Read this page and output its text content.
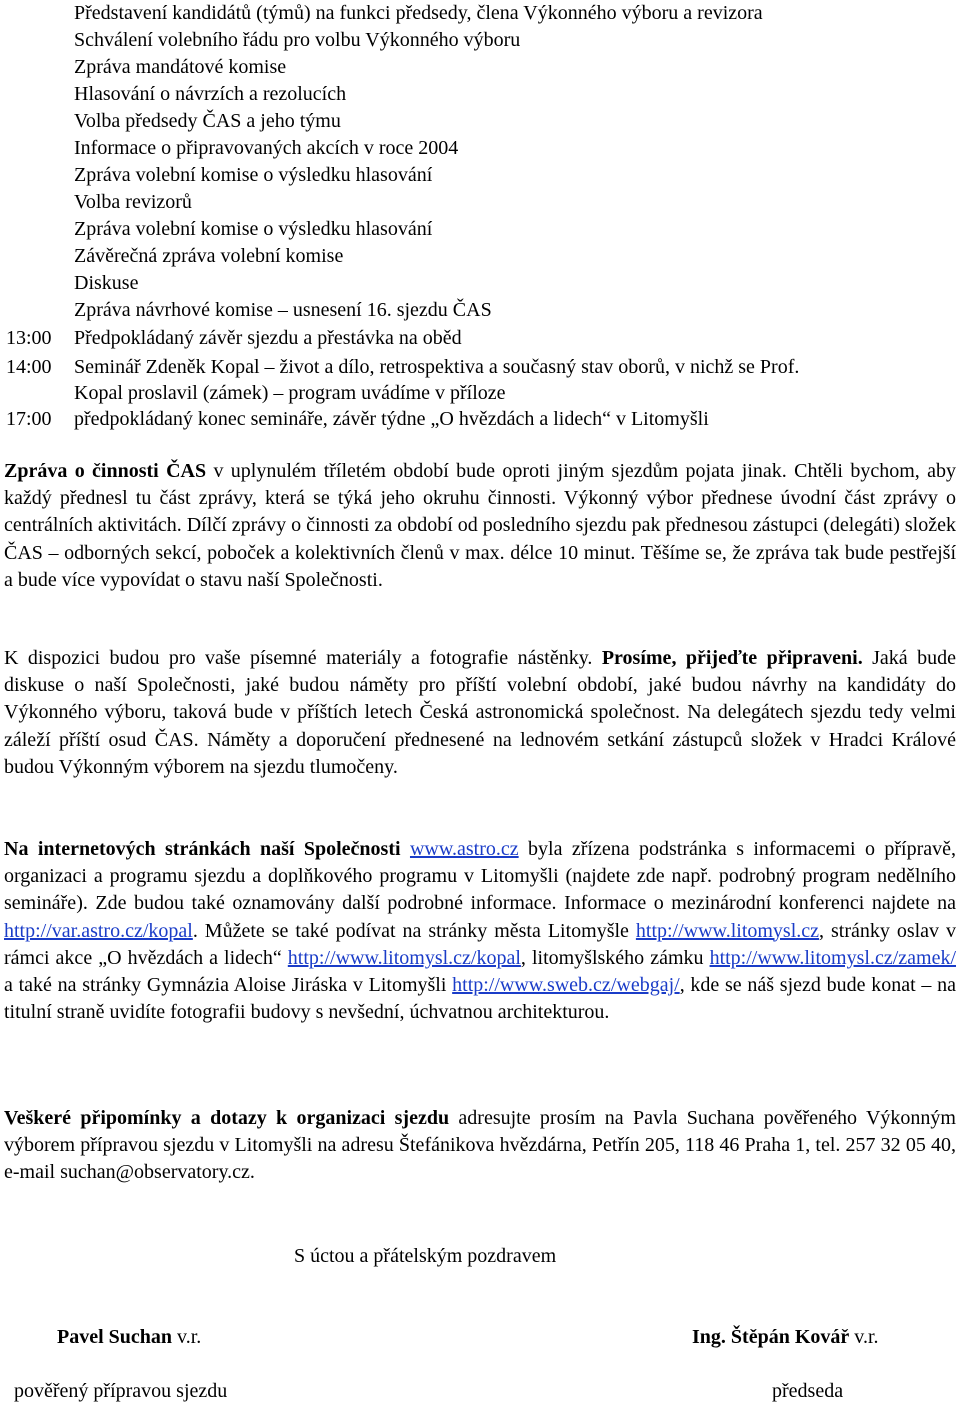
Představení kandidátů (týmů) na funkci předsedy, člena Výkonného výboru a revizora
Schválení volebního řádu pro volbu Výkonného výboru
Zpráva mandátové komise
Hlasování o návrzích a rezolucích
Volba předsedy ČAS a jeho týmu
Informace o připravovaných akcích v roce 2004
Zpráva volební komise o výsledku hlasování
Volba revizorů
Zpráva volební komise o výsledku hlasování
Závěrečná zpráva volební komise
Diskuse
Zpráva návrhové komise – usnesení 16. sjezdu ČAS
13:00 Předpokládaný závěr sjezdu a přestávka na oběd
14:00 Seminář Zdeněk Kopal – život a dílo, retrospektiva a současný stav oborů, v nichž se Prof.
Kopal proslavil (zámek) – program uvádíme v příloze
17:00 předpokládaný konec semináře, závěr týdne „O hvězdách a lidech“ v Litomyšli

Zpráva o činnosti ČAS v uplynulém tříletém období bude oproti jiným sjezdům pojata jinak. Chtěli bychom, aby každý přednesl tu část zprávy, která se týká jeho okruhu činnosti. Výkonný výbor přednese úvodní část zprávy o centrálních aktivitách. Dílčí zprávy o činnosti za období od posledního sjezdu pak přednesou zástupci (delegáti) složek ČAS – odborných sekcí, poboček a kolektivních členů v max. délce 10 minut. Těšíme se, že zpráva tak bude pestřejší a bude více vypovídat o stavu naší Společnosti.

K dispozici budou pro vaše písemné materiály a fotografie nástěnky. Prosíme, přijeďte připraveni. Jaká bude diskuse o naší Společnosti, jaké budou náměty pro příští volební období, jaké budou návrhy na kandidáty do Výkonného výboru, taková bude v příštích letech Česká astronomická společnost. Na delegátech sjezdu tedy velmi záleží příští osud ČAS. Náměty a doporučení přednesené na lednovém setkání zástupců složek v Hradci Králové budou Výkonným výborem na sjezdu tlumočeny.

Na internetových stránkách naší Společnosti www.astro.cz byla zřízena podstránka s informacemi o přípravě, organizaci a programu sjezdu a doplňkového programu v Litomyšli (najdete zde např. podrobný program nedělního semináře). Zde budou také oznamovány další podrobné informace. Informace o mezinárodní konferenci najdete na http://var.astro.cz/kopal. Můžete se také podívat na stránky města Litomyšle http://www.litomysl.cz, stránky oslav v rámci akce „O hvězdách a lidech“ http://www.litomysl.cz/kopal, litomyšlského zámku http://www.litomysl.cz/zamek/ a také na stránky Gymnázia Aloise Jiráska v Litomyšli http://www.sweb.cz/webgaj/, kde se náš sjezd bude konat – na titulní straně uvidíte fotografii budovy s nevšední, úchvatnou architekturou.

Veškeré připomínky a dotazy k organizaci sjezdu adresujte prosím na Pavla Suchana pověřeného Výkonným výborem přípravou sjezdu v Litomyšli na adresu Štefánikova hvězdárna, Petřín 205, 118 46 Praha 1, tel. 257 32 05 40, e-mail suchan@observatory.cz.

S úctou a přátelským pozdravem
Pavel Suchan v.r.	Ing. Štěpán Kovář v.r.
pověřený přípravou sjezdu	předseda
